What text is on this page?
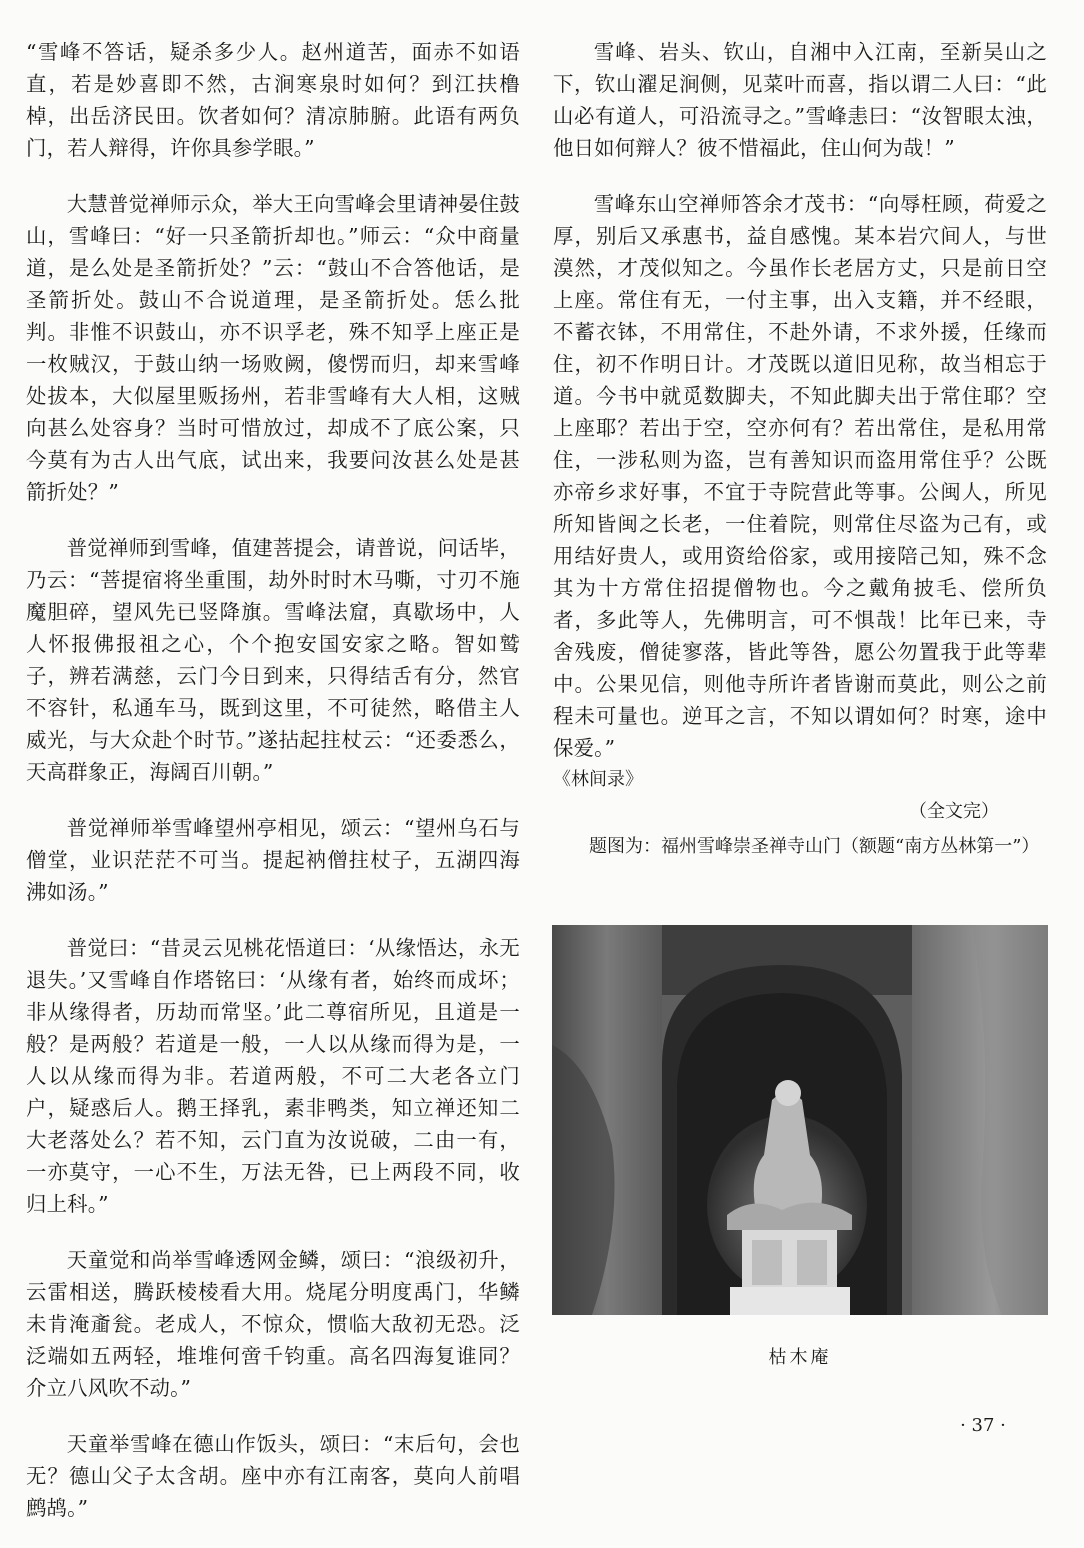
“雪峰不答话，疑杀多少人。赵州道苦，面赤不如语直，若是妙喜即不然，古涧寒泉时如何？到江扶橹棹，出岳济民田。饮者如何？清凉肺腑。此语有两负门，若人辩得，许你具参学眼。”

大慧普觉禅师示众，举大王向雪峰会里请神晏住鼓山，雪峰曰：“好一只圣箭折却也。”师云：“众中商量道，是么处是圣箭折处？”云：“鼓山不合答他话，是圣箭折处。鼓山不合说道理，是圣箭折处。恁么批判。非惟不识鼓山，亦不识孚老，殊不知孚上座正是一枚贼汉，于鼓山纳一场败阙，傻愣而归，却来雪峰处拔本，大似屋里贩扬州，若非雪峰有大人相，这贼向甚么处容身？当时可惜放过，却成不了底公案，只今莫有为古人出气底，试出来，我要问汝甚么处是甚箭折处？”

普觉禅师到雪峰，值建菩提会，请普说，问话毕，乃云：“菩提宿将坐重围，劫外时时木马嘶，寸刃不施魔胆碎，望风先已竖降旗。雪峰法窟，真歇场中，人人怀报佛报祖之心，个个抱安国安家之略。智如鹫子，辨若满慈，云门今日到来，只得结舌有分，然官不容针，私通车马，既到这里，不可徒然，略借主人威光，与大众赴个时节。”遂拈起拄杖云：“还委悉么，天高群象正，海阔百川朝。”

普觉禅师举雪峰望州亭相见，颂云：“望州乌石与僧堂，业识茫茫不可当。提起衲僧拄杖子，五湖四海沸如汤。”

普觉曰：“昔灵云见桃花悟道曰：‘从缘悟达，永无退失。’又雪峰自作塔铭曰：‘从缘有者，始终而成坏；非从缘得者，历劫而常坚。’此二尊宿所见，且道是一般？是两般？若道是一般，一人以从缘而得为是，一人以从缘而得为非。若道两般，不可二大老各立门户，疑惑后人。鹅王择乳，素非鸭类，知立禅还知二大老落处么？若不知，云门直为汝说破，二由一有，一亦莫守，一心不生，万法无咎，已上两段不同，收归上科。”

天童觉和尚举雪峰透网金鳞，颂曰：“浪级初升，云雷相送，腾跃棱棱看大用。烧尾分明度禹门，华鳞未肯淹齑瓮。老成人，不惊众，惯临大敌初无恐。泛泛端如五两轻，堆堆何啻千钧重。高名四海复谁同？介立八风吹不动。”

天童举雪峰在德山作饭头，颂曰：“末后句，会也无？德山父子太含胡。座中亦有江南客，莫向人前唱鹧鸪。”

雪峰、岩头、钦山，自湘中入江南，至新吴山之下，钦山濯足涧侧，见菜叶而喜，指以谓二人曰：“此山必有道人，可沿流寻之。”雪峰恚曰：“汝智眼太浊，他日如何辩人？彼不惜福此，住山何为哉！”

雪峰东山空禅师答余才茂书：“向辱枉顾，荷爱之厚，别后又承惠书，益自感愧。某本岩穴间人，与世漠然，才茂似知之。今虽作长老居方丈，只是前日空上座。常住有无，一付主事，出入支籍，并不经眼，不蓄衣钵，不用常住，不赴外请，不求外援，任缘而住，初不作明日计。才茂既以道旧见称，故当相忘于道。今书中就觅数脚夫，不知此脚夫出于常住耶？空上座耶？若出于空，空亦何有？若出常住，是私用常住，一涉私则为盗，岂有善知识而盗用常住乎？公既亦帝乡求好事，不宜于寺院营此等事。公闽人，所见所知皆闽之长老，一住着院，则常住尽盗为己有，或用结好贵人，或用资给俗家，或用接陪己知，殊不念其为十方常住招提僧物也。今之戴角披毛、偿所负者，多此等人，先佛明言，可不惧哉！比年已来，寺舍残废，僧徒寥落，皆此等咎，愿公勿置我于此等辈中。公果见信，则他寺所许者皆谢而莫此，则公之前程未可量也。逆耳之言，不知以谓如何？时寒，途中保爱。”

《林间录》

（全文完）

题图为：福州雪峰崇圣禅寺山门（额题“南方丛林第一”）

枯木庵
· 37 ·
